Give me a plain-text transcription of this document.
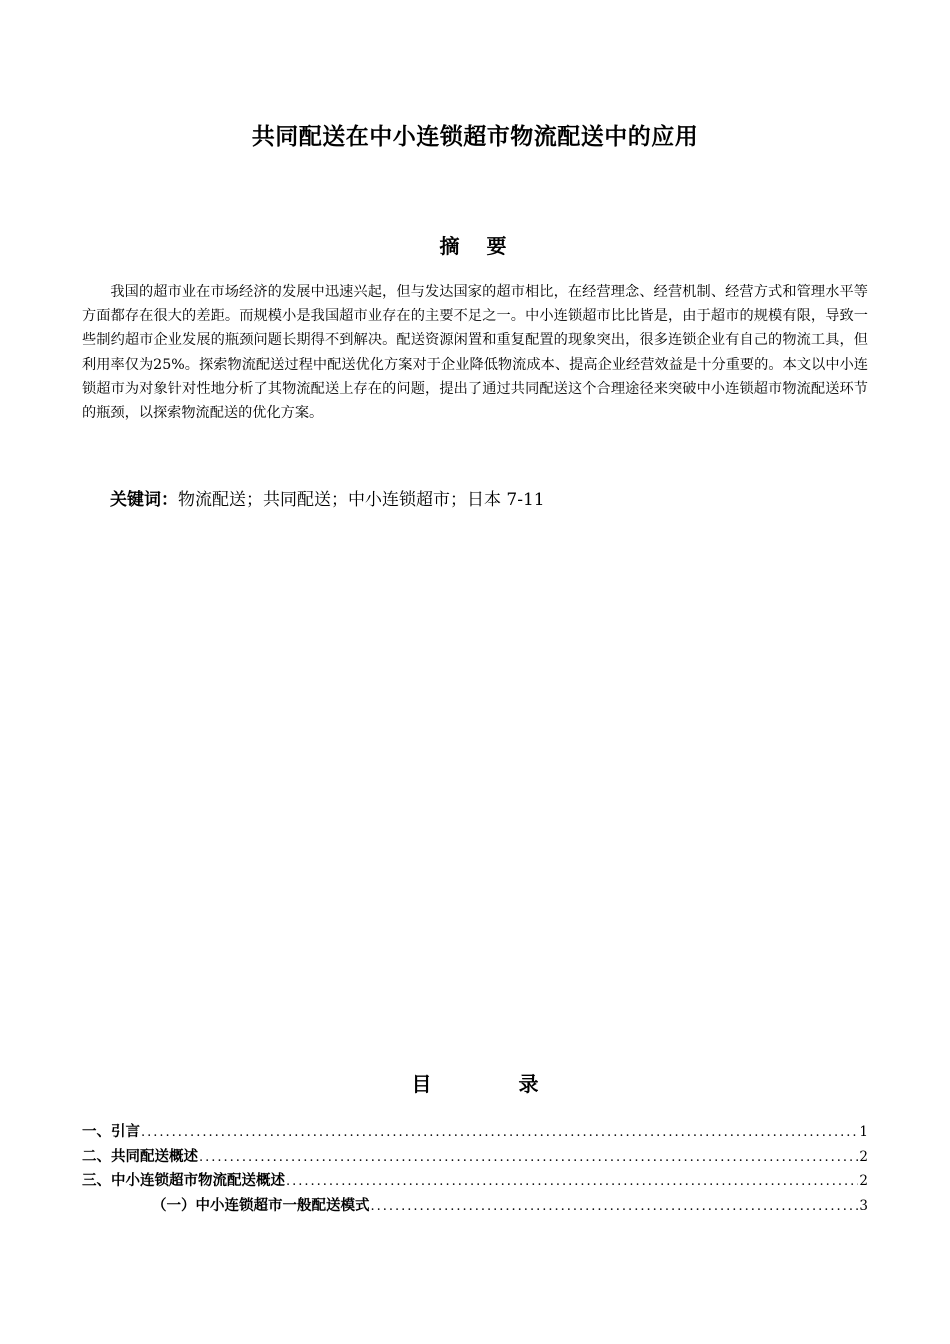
共同配送在中小连锁超市物流配送中的应用
摘 要

我国的超市业在市场经济的发展中迅速兴起，但与发达国家的超市相比，在经营理念、经营机制、经营方式和管理水平等方面都存在很大的差距。而规模小是我国超市业存在的主要不足之一。中小连锁超市比比皆是，由于超市的规模有限，导致一些制约超市企业发展的瓶颈问题长期得不到解决。配送资源闲置和重复配置的现象突出，很多连锁企业有自己的物流工具，但利用率仅为25%。探索物流配送过程中配送优化方案对于企业降低物流成本、提高企业经营效益是十分重要的。本文以中小连锁超市为对象针对性地分析了其物流配送上存在的问题，提出了通过共同配送这个合理途径来突破中小连锁超市物流配送环节的瓶颈，以探索物流配送的优化方案。

关键词：物流配送；共同配送；中小连锁超市；日本 7-11
目 录
一、引言 .....	1
二、共同配送概述 .....	2
三、中小连锁超市物流配送概述 .....	2
（一）中小连锁超市一般配送模式 .....	3
